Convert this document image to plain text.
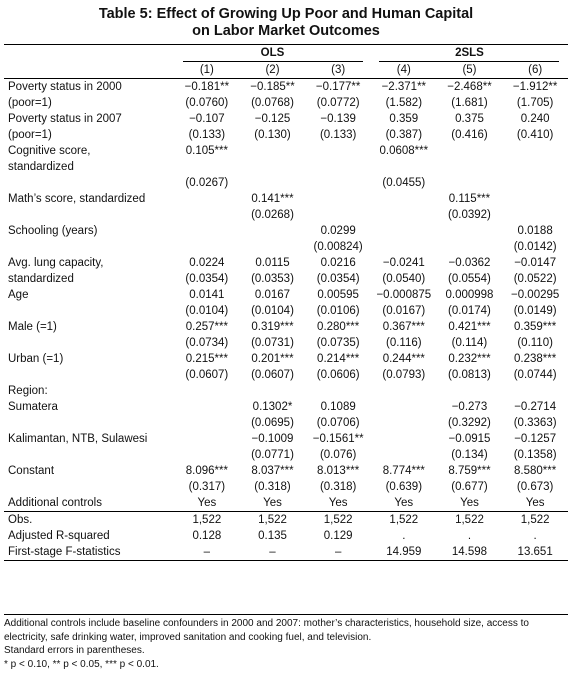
Table 5: Effect of Growing Up Poor and Human Capital
on Labor Market Outcomes
	OLS			2SLS		
	(1)	(2)	(3)	(4)	(5)	(6)
Poverty status in 2000	−0.181**	−0.185**	−0.177**	−2.371**	−2.468**	−1.912**
(poor=1)	(0.0760)	(0.0768)	(0.0772)	(1.582)	(1.681)	(1.705)
Poverty status in 2007	−0.107	−0.125	−0.139	0.359	0.375	0.240
(poor=1)	(0.133)	(0.130)	(0.133)	(0.387)	(0.416)	(0.410)
Cognitive score,	0.105***			0.0608***		
standardized						
	(0.0267)			(0.0455)		
Math’s score, standardized		0.141***			0.115***	
		(0.0268)			(0.0392)	
Schooling (years)			0.0299			0.0188
			(0.00824)			(0.0142)
Avg. lung capacity,	0.0224	0.0115	0.0216	−0.0241	−0.0362	−0.0147
standardized	(0.0354)	(0.0353)	(0.0354)	(0.0540)	(0.0554)	(0.0522)
Age	0.0141	0.0167	0.00595	−0.000875	0.000998	−0.00295
	(0.0104)	(0.0104)	(0.0106)	(0.0167)	(0.0174)	(0.0149)
Male (=1)	0.257***	0.319***	0.280***	0.367***	0.421***	0.359***
	(0.0734)	(0.0731)	(0.0735)	(0.116)	(0.114)	(0.110)
Urban (=1)	0.215***	0.201***	0.214***	0.244***	0.232***	0.238***
	(0.0607)	(0.0607)	(0.0606)	(0.0793)	(0.0813)	(0.0744)
Region:						
Sumatera		0.1302*	0.1089		−0.273	−0.2714
		(0.0695)	(0.0706)		(0.3292)	(0.3363)
Kalimantan, NTB, Sulawesi		−0.1009	−0.1561**		−0.0915	−0.1257
		(0.0771)	(0.076)		(0.134)	(0.1358)
Constant	8.096***	8.037***	8.013***	8.774***	8.759***	8.580***
	(0.317)	(0.318)	(0.318)	(0.639)	(0.677)	(0.673)
Additional controls	Yes	Yes	Yes	Yes	Yes	Yes
Obs.	1,522	1,522	1,522	1,522	1,522	1,522
Adjusted R-squared	0.128	0.135	0.129	.	.	.
First-stage F-statistics	–	–	–	14.959	14.598	13.651

Additional controls include baseline confounders in 2000 and 2007: mother’s characteristics, household size, access to electricity, safe drinking water, improved sanitation and cooking fuel, and television.

Standard errors in parentheses.

* p < 0.10, ** p < 0.05, *** p < 0.01.
